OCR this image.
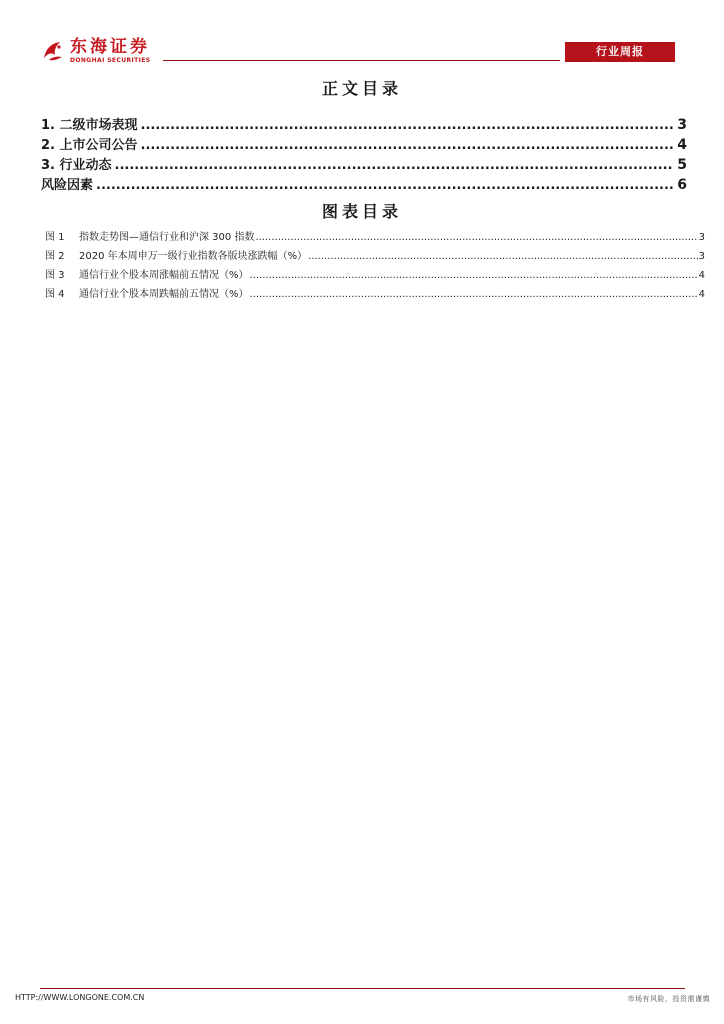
东海证券
DONGHAI SECURITIES
行业周报
正文目录
1. 二级市场表现 .....	3
2. 上市公司公告 .....	4
3. 行业动态 .....	5
风险因素 .....	6
图表目录
图 1	指数走势图—通信行业和沪深 300 指数 .....	3
图 2	2020 年本周申万一级行业指数各版块涨跌幅（%） .....	3
图 3	通信行业个股本周涨幅前五情况（%） .....	4
图 4	通信行业个股本周跌幅前五情况（%） .....	4
HTTP://WWW.LONGONE.COM.CN	市场有风险，投资需谨慎
